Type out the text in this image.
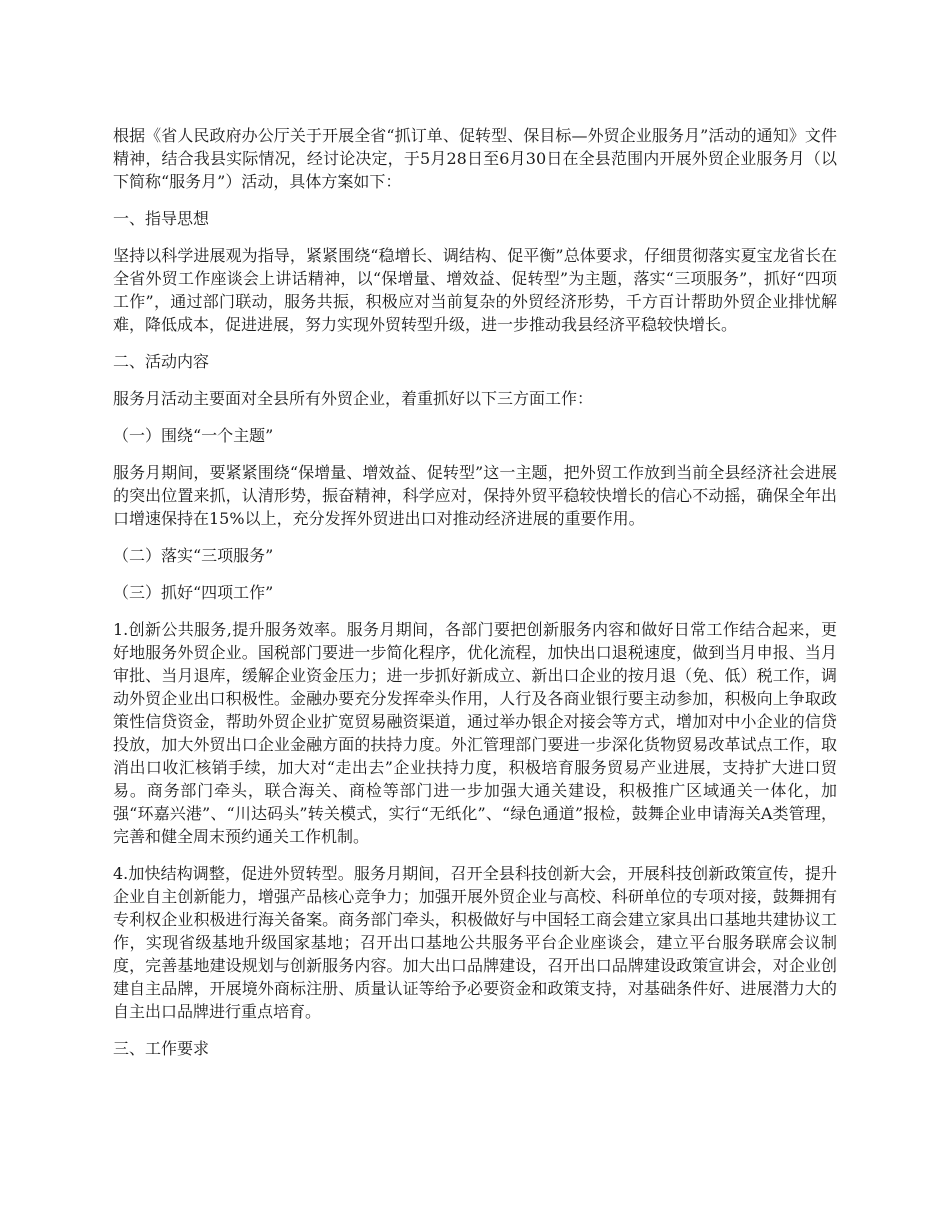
根据《省人民政府办公厅关于开展全省“抓订单、促转型、保目标—外贸企业服务月”活动的通知》文件精神，结合我县实际情况，经讨论决定，于5月28日至6月30日在全县范围内开展外贸企业服务月（以下简称“服务月”）活动，具体方案如下：

一、指导思想

坚持以科学进展观为指导，紧紧围绕“稳增长、调结构、促平衡”总体要求，仔细贯彻落实夏宝龙省长在全省外贸工作座谈会上讲话精神，以“保增量、增效益、促转型”为主题，落实“三项服务”，抓好“四项工作”，通过部门联动，服务共振，积极应对当前复杂的外贸经济形势，千方百计帮助外贸企业排忧解难，降低成本，促进进展，努力实现外贸转型升级，进一步推动我县经济平稳较快增长。

二、活动内容

服务月活动主要面对全县所有外贸企业，着重抓好以下三方面工作：

（一）围绕“一个主题”

服务月期间，要紧紧围绕“保增量、增效益、促转型”这一主题，把外贸工作放到当前全县经济社会进展的突出位置来抓，认清形势，振奋精神，科学应对，保持外贸平稳较快增长的信心不动摇，确保全年出口增速保持在15%以上，充分发挥外贸进出口对推动经济进展的重要作用。

（二）落实“三项服务”

（三）抓好“四项工作”

1.创新公共服务,提升服务效率。服务月期间，各部门要把创新服务内容和做好日常工作结合起来，更好地服务外贸企业。国税部门要进一步简化程序，优化流程，加快出口退税速度，做到当月申报、当月审批、当月退库，缓解企业资金压力；进一步抓好新成立、新出口企业的按月退（免、低）税工作，调动外贸企业出口积极性。金融办要充分发挥牵头作用，人行及各商业银行要主动参加，积极向上争取政策性信贷资金，帮助外贸企业扩宽贸易融资渠道，通过举办银企对接会等方式，增加对中小企业的信贷投放，加大外贸出口企业金融方面的扶持力度。外汇管理部门要进一步深化货物贸易改革试点工作，取消出口收汇核销手续，加大对“走出去”企业扶持力度，积极培育服务贸易产业进展，支持扩大进口贸易。商务部门牵头，联合海关、商检等部门进一步加强大通关建设，积极推广区域通关一体化，加强“环嘉兴港”、“川达码头”转关模式，实行“无纸化”、“绿色通道”报检，鼓舞企业申请海关A类管理，完善和健全周末预约通关工作机制。

4.加快结构调整，促进外贸转型。服务月期间，召开全县科技创新大会，开展科技创新政策宣传，提升企业自主创新能力，增强产品核心竞争力；加强开展外贸企业与高校、科研单位的专项对接，鼓舞拥有专利权企业积极进行海关备案。商务部门牵头，积极做好与中国轻工商会建立家具出口基地共建协议工作，实现省级基地升级国家基地；召开出口基地公共服务平台企业座谈会，建立平台服务联席会议制度，完善基地建设规划与创新服务内容。加大出口品牌建设，召开出口品牌建设政策宣讲会，对企业创建自主品牌，开展境外商标注册、质量认证等给予必要资金和政策支持，对基础条件好、进展潜力大的自主出口品牌进行重点培育。

三、工作要求
